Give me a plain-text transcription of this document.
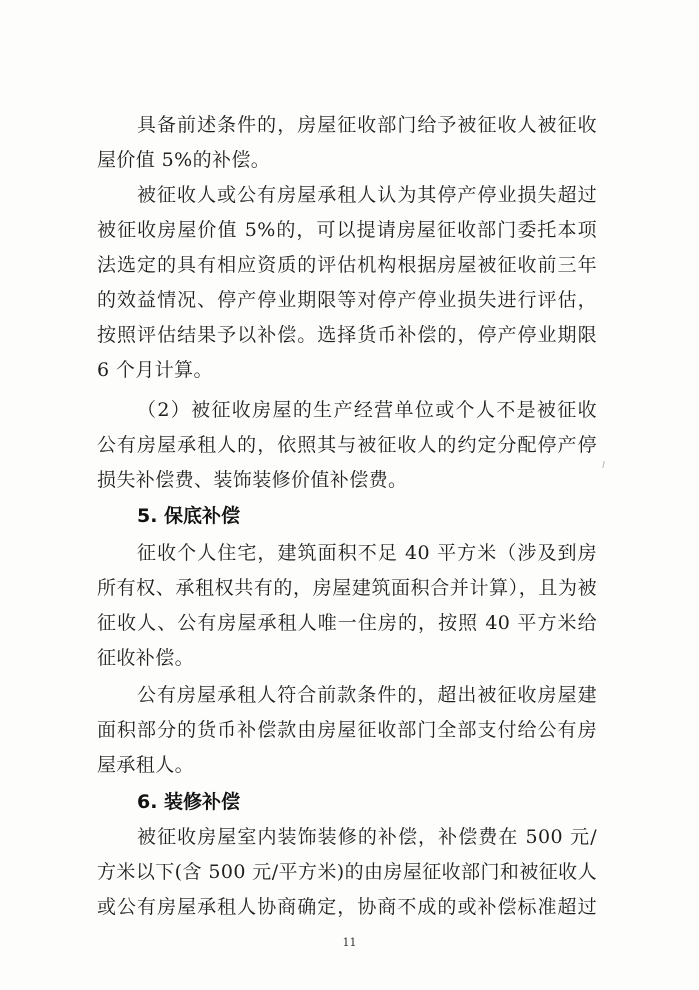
具备前述条件的，房屋征收部门给予被征收人被征收
屋价值 5%的补偿。
被征收人或公有房屋承租人认为其停产停业损失超过
被征收房屋价值 5%的，可以提请房屋征收部门委托本项
法选定的具有相应资质的评估机构根据房屋被征收前三年
的效益情况、停产停业期限等对停产停业损失进行评估，
按照评估结果予以补偿。选择货币补偿的，停产停业期限
6 个月计算。
（2）被征收房屋的生产经营单位或个人不是被征收
公有房屋承租人的，依照其与被征收人的约定分配停产停
损失补偿费、装饰装修价值补偿费。
5. 保底补偿
征收个人住宅，建筑面积不足 40 平方米（涉及到房
所有权、承租权共有的，房屋建筑面积合并计算），且为被
征收人、公有房屋承租人唯一住房的，按照 40 平方米给
征收补偿。
公有房屋承租人符合前款条件的，超出被征收房屋建
面积部分的货币补偿款由房屋征收部门全部支付给公有房
屋承租人。
6. 装修补偿
被征收房屋室内装饰装修的补偿，补偿费在 500 元/
方米以下(含 500 元/平方米)的由房屋征收部门和被征收人
或公有房屋承租人协商确定，协商不成的或补偿标准超过
11
